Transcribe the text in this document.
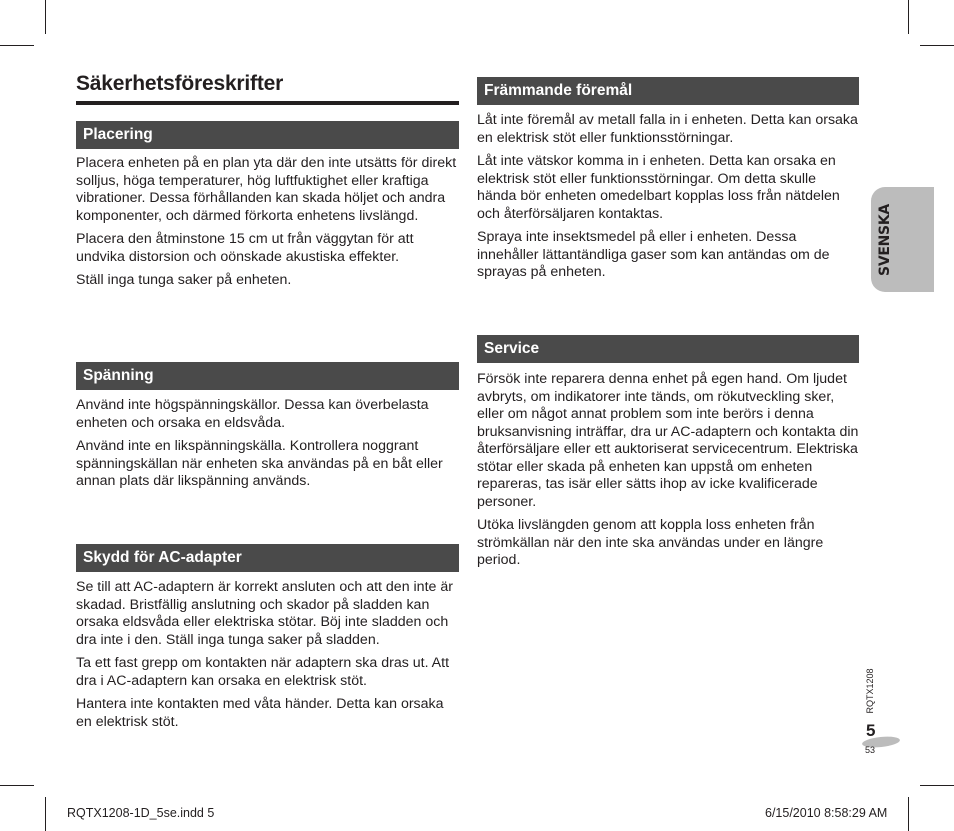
Säkerhetsföreskrifter
Placering

Placera enheten på en plan yta där den inte utsätts för direkt solljus, höga temperaturer, hög luftfuktighet eller kraftiga vibrationer. Dessa förhållanden kan skada höljet och andra komponenter, och därmed förkorta enhetens livslängd.

Placera den åtminstone 15 cm ut från väggytan för att undvika distorsion och oönskade akustiska effekter.

Ställ inga tunga saker på enheten.

Spänning

Använd inte högspänningskällor. Dessa kan överbelasta enheten och orsaka en eldsvåda.

Använd inte en likspänningskälla. Kontrollera noggrant spänningskällan när enheten ska användas på en båt eller annan plats där likspänning används.

Skydd för AC-adapter

Se till att AC-adaptern är korrekt ansluten och att den inte är skadad. Bristfällig anslutning och skador på sladden kan orsaka eldsvåda eller elektriska stötar. Böj inte sladden och dra inte i den. Ställ inga tunga saker på sladden.

Ta ett fast grepp om kontakten när adaptern ska dras ut. Att dra i AC-adaptern kan orsaka en elektrisk stöt.

Hantera inte kontakten med våta händer. Detta kan orsaka en elektrisk stöt.

Främmande föremål

Låt inte föremål av metall falla in i enheten. Detta kan orsaka en elektrisk stöt eller funktionsstörningar.

Låt inte vätskor komma in i enheten. Detta kan orsaka en elektrisk stöt eller funktionsstörningar. Om detta skulle hända bör enheten omedelbart kopplas loss från nätdelen och återförsäljaren kontaktas.

Spraya inte insektsmedel på eller i enheten. Dessa innehåller lättantändliga gaser som kan antändas om de sprayas på enheten.

Service

Försök inte reparera denna enhet på egen hand. Om ljudet avbryts, om indikatorer inte tänds, om rökutveckling sker, eller om något annat problem som inte berörs i denna bruksanvisning inträffar, dra ur AC-adaptern och kontakta din återförsäljare eller ett auktoriserat servicecentrum. Elektriska stötar eller skada på enheten kan uppstå om enheten repareras, tas isär eller sätts ihop av icke kvalificerade personer.

Utöka livslängden genom att koppla loss enheten från strömkällan när den inte ska användas under en längre period.

SVENSKA
RQTX1208
5
53
RQTX1208-1D_5se.indd 5	6/15/2010 8:58:29 AM
